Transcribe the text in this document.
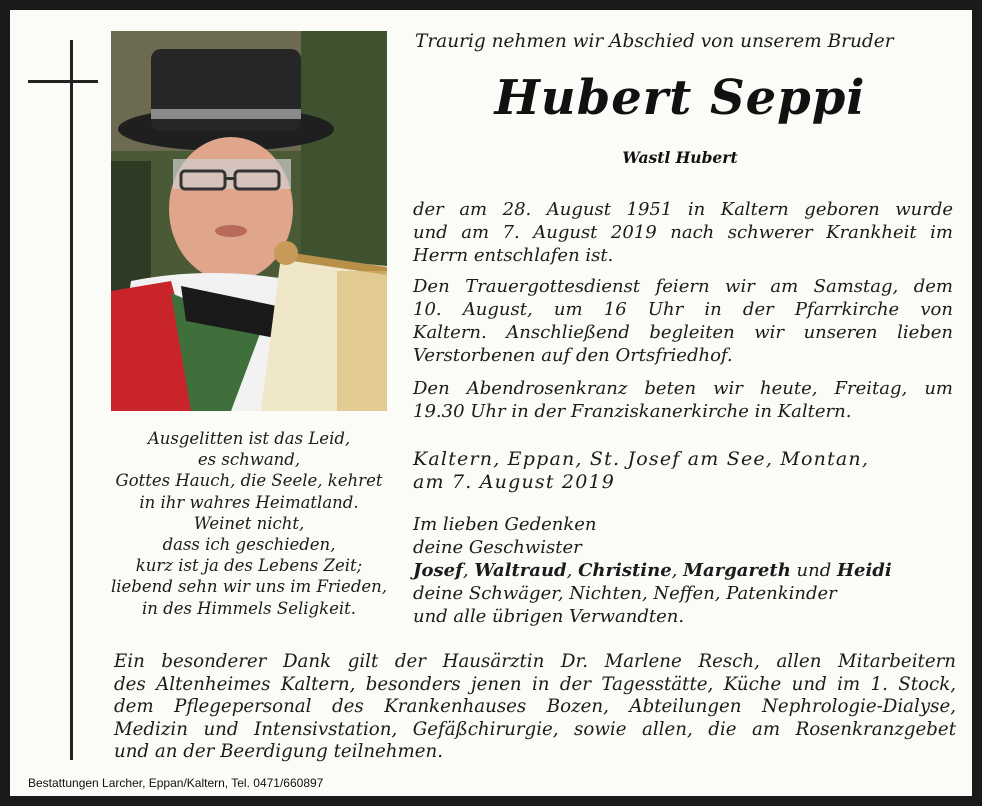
Ausgelitten ist das Leid,
es schwand,
Gottes Hauch, die Seele, kehret
in ihr wahres Heimatland.
Weinet nicht,
dass ich geschieden,
kurz ist ja des Lebens Zeit;
liebend sehn wir uns im Frieden,
in des Himmels Seligkeit.
Traurig nehmen wir Abschied von unserem Bruder
Hubert Seppi
Wastl Hubert
der am 28. August 1951 in Kaltern geboren wurde
und am 7. August 2019 nach schwerer Krankheit im
Herrn entschlafen ist.
Den Trauergottesdienst feiern wir am Samstag, dem
10. August, um 16 Uhr in der Pfarrkirche von
Kaltern. Anschließend begleiten wir unseren lieben
Verstorbenen auf den Ortsfriedhof.
Den Abendrosenkranz beten wir heute, Freitag, um
19.30 Uhr in der Franziskanerkirche in Kaltern.
Kaltern, Eppan, St. Josef am See, Montan,
am 7. August 2019
Im lieben Gedenken
deine Geschwister
Josef, Waltraud, Christine, Margareth und Heidi
deine Schwäger, Nichten, Neffen, Patenkinder
und alle übrigen Verwandten.
Ein besonderer Dank gilt der Hausärztin Dr. Marlene Resch, allen Mitarbeitern
des Altenheimes Kaltern, besonders jenen in der Tagesstätte, Küche und im 1. Stock,
dem Pflegepersonal des Krankenhauses Bozen, Abteilungen Nephrologie-Dialyse,
Medizin und Intensivstation, Gefäßchirurgie, sowie allen, die am Rosenkranzgebet
und an der Beerdigung teilnehmen.
Bestattungen Larcher, Eppan/Kaltern, Tel. 0471/660897
